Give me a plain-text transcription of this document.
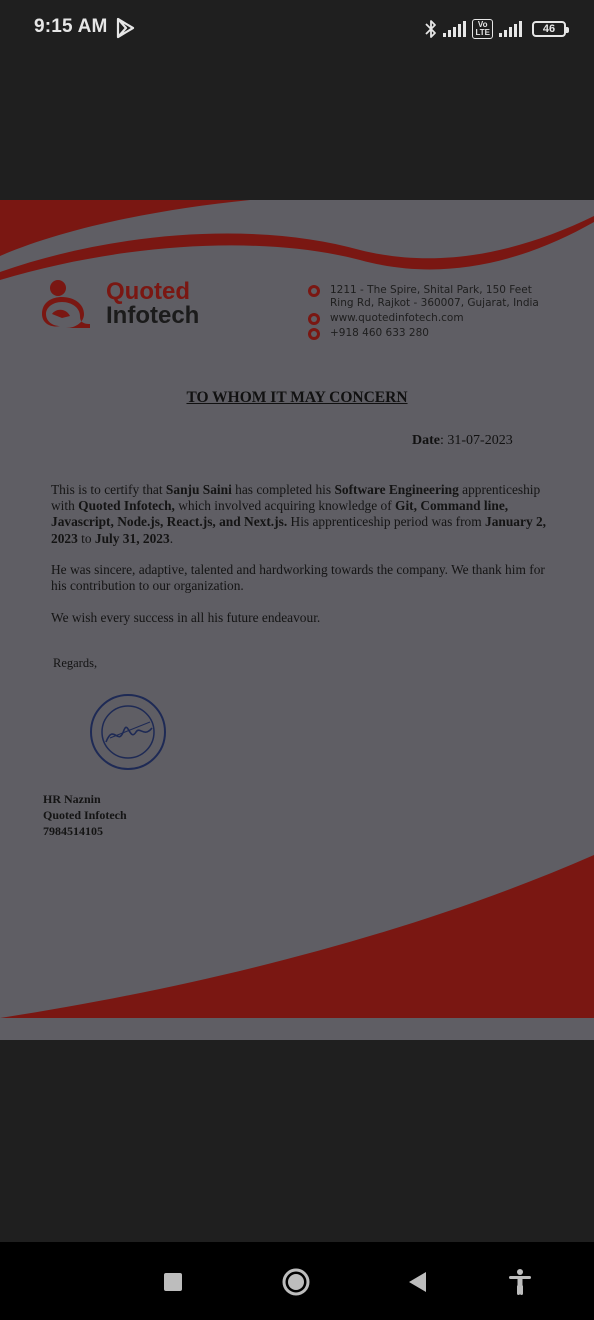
9:15 AM	Vo
LTE	46
Quoted
Infotech
1211 - The Spire, Shital Park, 150 Feet
Ring Rd, Rajkot - 360007, Gujarat, India
www.quotedinfotech.com
+918 460 633 280
TO WHOM IT MAY CONCERN
Date: 31-07-2023
This is to certify that Sanju Saini has completed his Software Engineering apprenticeship with Quoted Infotech, which involved acquiring knowledge of Git, Command line, Javascript, Node.js, React.js, and Next.js. His apprenticeship period was from January 2, 2023 to July 31, 2023.
He was sincere, adaptive, talented and hardworking towards the company. We thank him for his contribution to our organization.
We wish every success in all his future endeavour.
Regards,
HR Naznin
Quoted Infotech
7984514105
